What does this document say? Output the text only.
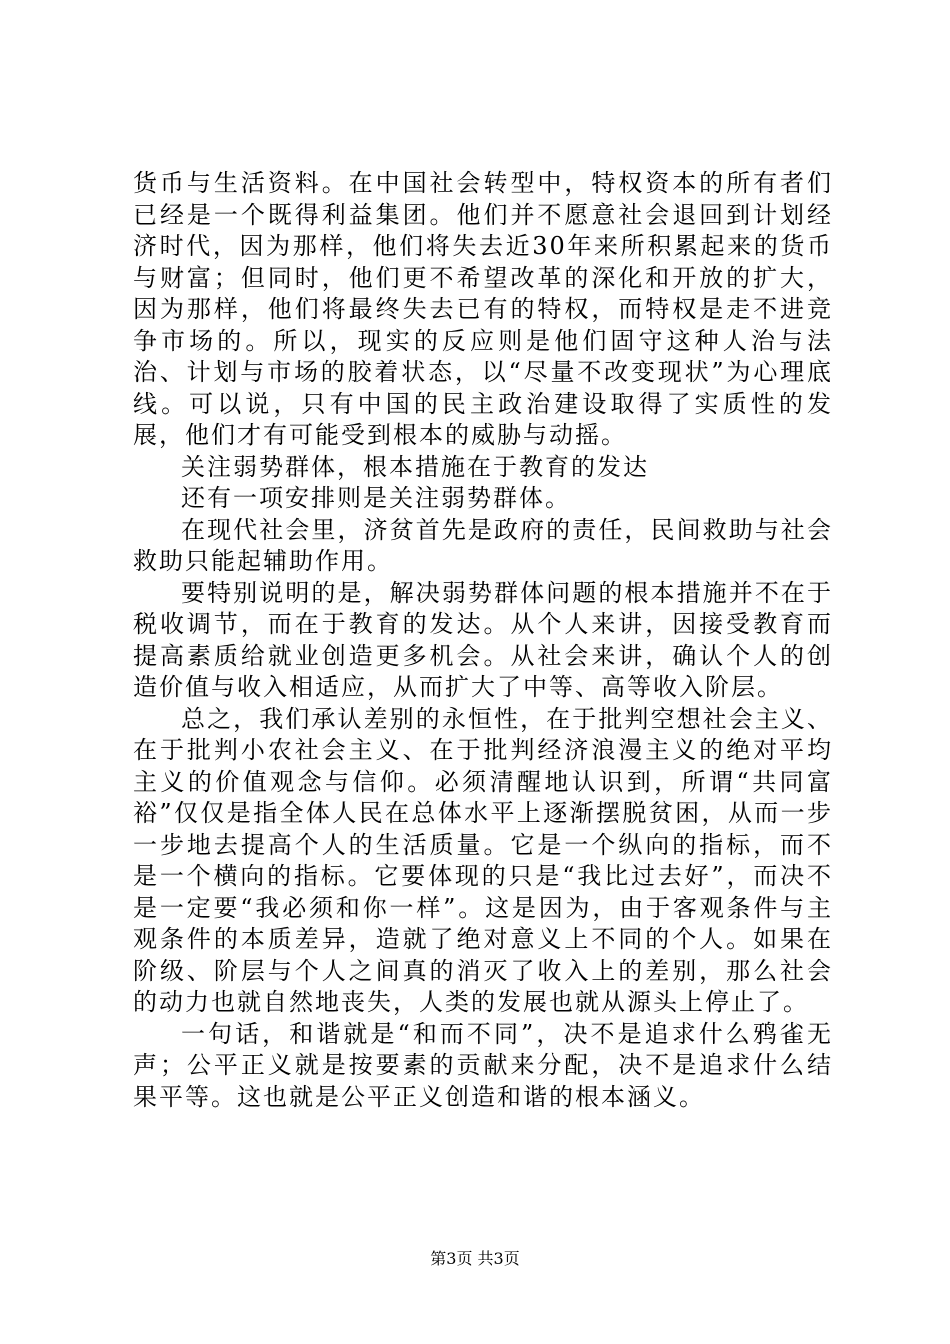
货币与生活资料。在中国社会转型中，特权资本的所有者们已经是一个既得利益集团。他们并不愿意社会退回到计划经济时代，因为那样，他们将失去近30年来所积累起来的货币与财富；但同时，他们更不希望改革的深化和开放的扩大，因为那样，他们将最终失去已有的特权，而特权是走不进竞争市场的。所以，现实的反应则是他们固守这种人治与法治、计划与市场的胶着状态，以“尽量不改变现状”为心理底线。可以说，只有中国的民主政治建设取得了实质性的发展，他们才有可能受到根本的威胁与动摇。

关注弱势群体，根本措施在于教育的发达

还有一项安排则是关注弱势群体。

在现代社会里，济贫首先是政府的责任，民间救助与社会救助只能起辅助作用。

要特别说明的是，解决弱势群体问题的根本措施并不在于税收调节，而在于教育的发达。从个人来讲，因接受教育而提高素质给就业创造更多机会。从社会来讲，确认个人的创造价值与收入相适应，从而扩大了中等、高等收入阶层。

总之，我们承认差别的永恒性，在于批判空想社会主义、在于批判小农社会主义、在于批判经济浪漫主义的绝对平均主义的价值观念与信仰。必须清醒地认识到，所谓“共同富裕”仅仅是指全体人民在总体水平上逐渐摆脱贫困，从而一步一步地去提高个人的生活质量。它是一个纵向的指标，而不是一个横向的指标。它要体现的只是“我比过去好”，而决不是一定要“我必须和你一样”。这是因为，由于客观条件与主观条件的本质差异，造就了绝对意义上不同的个人。如果在阶级、阶层与个人之间真的消灭了收入上的差别，那么社会的动力也就自然地丧失，人类的发展也就从源头上停止了。

一句话，和谐就是“和而不同”，决不是追求什么鸦雀无声；公平正义就是按要素的贡献来分配，决不是追求什么结果平等。这也就是公平正义创造和谐的根本涵义。

第3页 共3页
